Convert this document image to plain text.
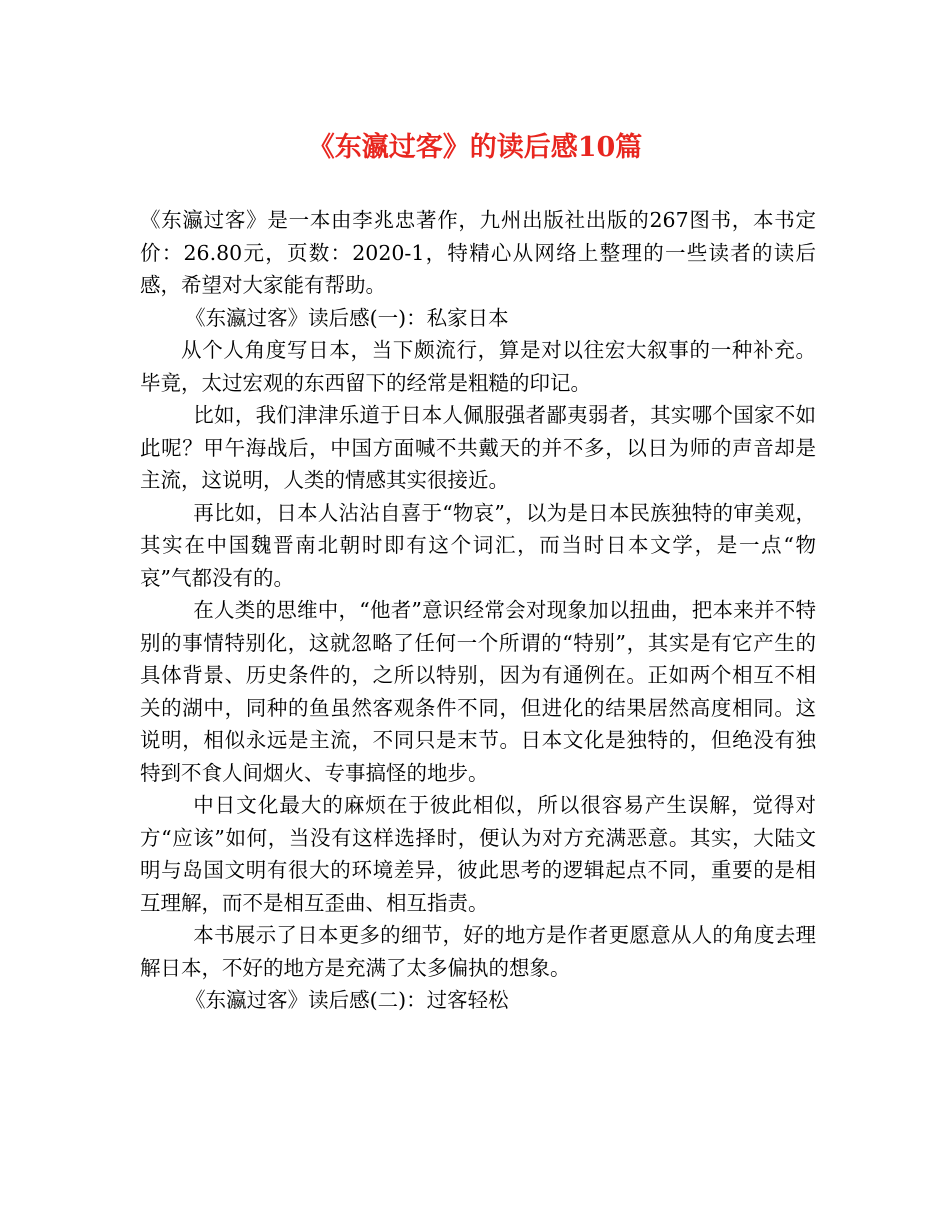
《东瀛过客》的读后感10篇

《东瀛过客》是一本由李兆忠著作，九州出版社出版的267图书，本书定价：26.80元，页数：2020-1，特精心从网络上整理的一些读者的读后感，希望对大家能有帮助。

《东瀛过客》读后感(一)：私家日本

从个人角度写日本，当下颇流行，算是对以往宏大叙事的一种补充。毕竟，太过宏观的东西留下的经常是粗糙的印记。

比如，我们津津乐道于日本人佩服强者鄙夷弱者，其实哪个国家不如此呢？甲午海战后，中国方面喊不共戴天的并不多，以日为师的声音却是主流，这说明，人类的情感其实很接近。

再比如，日本人沾沾自喜于“物哀”，以为是日本民族独特的审美观，其实在中国魏晋南北朝时即有这个词汇，而当时日本文学，是一点“物哀”气都没有的。

在人类的思维中，“他者”意识经常会对现象加以扭曲，把本来并不特别的事情特别化，这就忽略了任何一个所谓的“特别”，其实是有它产生的具体背景、历史条件的，之所以特别，因为有通例在。正如两个相互不相关的湖中，同种的鱼虽然客观条件不同，但进化的结果居然高度相同。这说明，相似永远是主流，不同只是末节。日本文化是独特的，但绝没有独特到不食人间烟火、专事搞怪的地步。

中日文化最大的麻烦在于彼此相似，所以很容易产生误解，觉得对方“应该”如何，当没有这样选择时，便认为对方充满恶意。其实，大陆文明与岛国文明有很大的环境差异，彼此思考的逻辑起点不同，重要的是相互理解，而不是相互歪曲、相互指责。

本书展示了日本更多的细节，好的地方是作者更愿意从人的角度去理解日本，不好的地方是充满了太多偏执的想象。

《东瀛过客》读后感(二)：过客轻松
